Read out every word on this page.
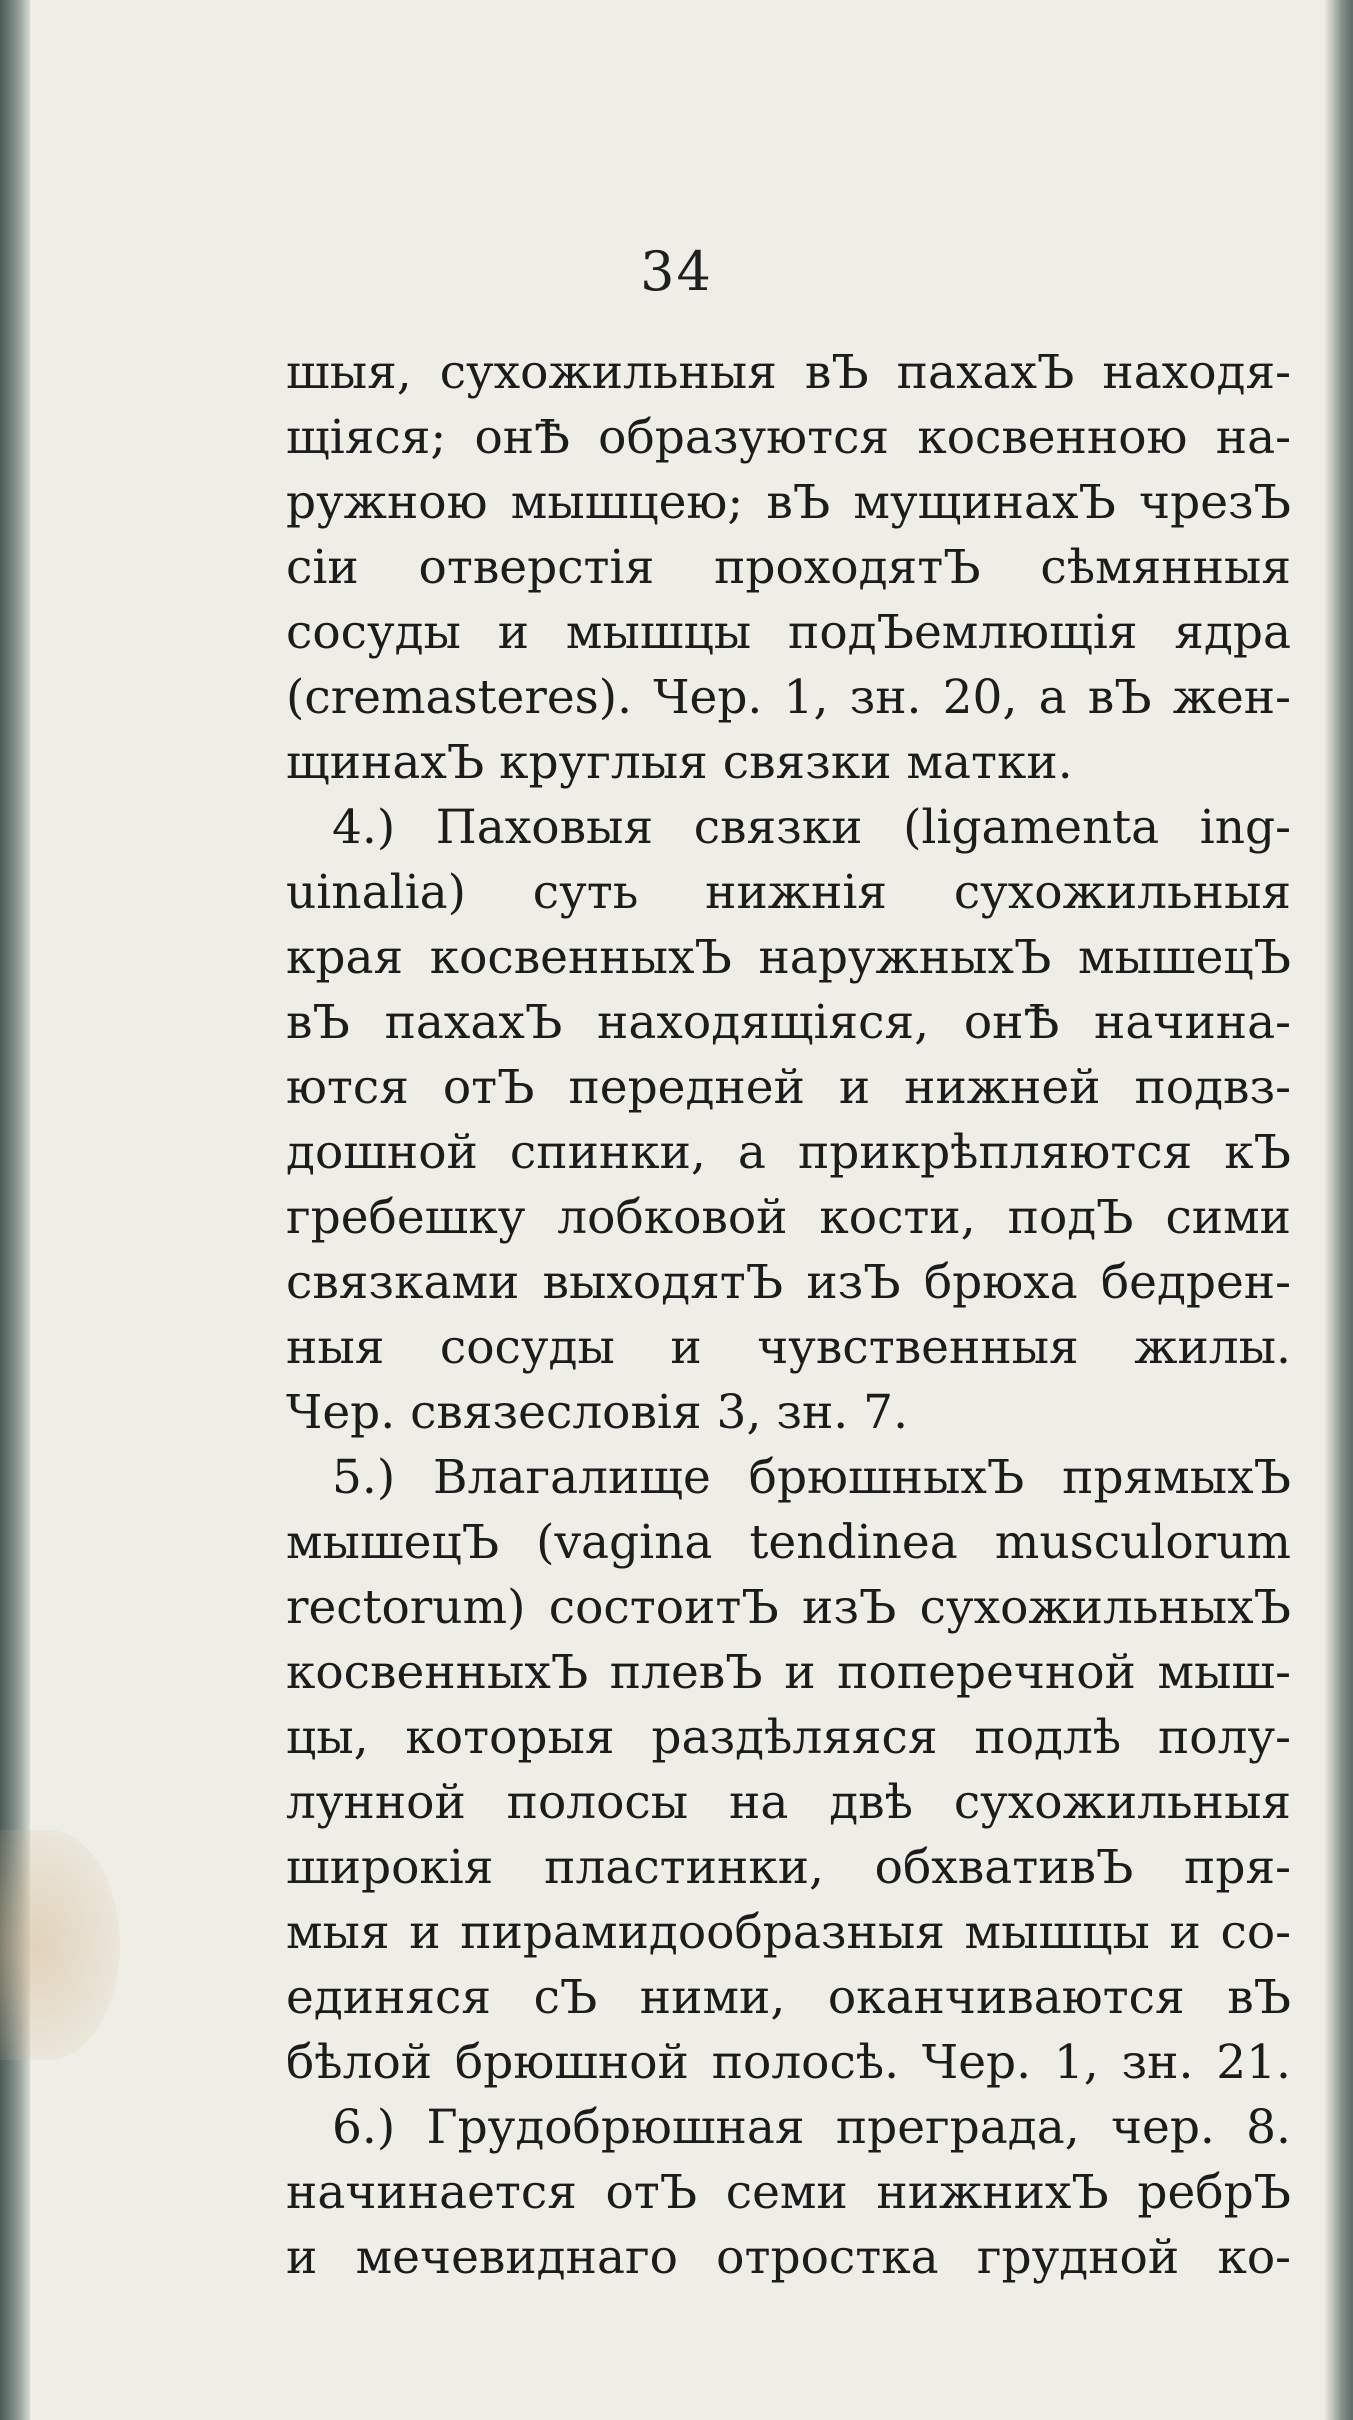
34
шыя, сухожильныя вЪ пахахЪ находя-
щіяся; онѢ образуются косвенною на-
ружною мышцею; вЪ мущинахЪ чрезЪ
сіи отверстія проходятЪ сѣмянныя
сосуды и мышцы подЪемлющія ядра
(cremasteres). Чер. 1, зн. 20, а вЪ жен-
щинахЪ круглыя связки матки.
4.) Паховыя связки (ligamenta ing-
uinalia) суть нижнія сухожильныя
края косвенныхЪ наружныхЪ мышецЪ
вЪ пахахЪ находящіяся, онѢ начина-
ются отЪ передней и нижней подвз-
дошной спинки, а прикрѣпляются кЪ
гребешку лобковой кости, подЪ сими
связками выходятЪ изЪ брюха бедрен-
ныя сосуды и чувственныя жилы.
Чер. связесловія 3, зн. 7.
5.) Влагалище брюшныхЪ прямыхЪ
мышецЪ (vagina tendinea musculorum
rectorum) состоитЪ изЪ сухожильныхЪ
косвенныхЪ плевЪ и поперечной мыш-
цы, которыя раздѣляяся подлѣ полу-
лунной полосы на двѣ сухожильныя
широкія пластинки, обхвативЪ пря-
мыя и пирамидообразныя мышцы и со-
единяся сЪ ними, оканчиваются вЪ
бѣлой брюшной полосѣ. Чер. 1, зн. 21.
6.) Грудобрюшная преграда, чер. 8.
начинается отЪ семи нижнихЪ ребрЪ
и мечевиднаго отростка грудной ко-
